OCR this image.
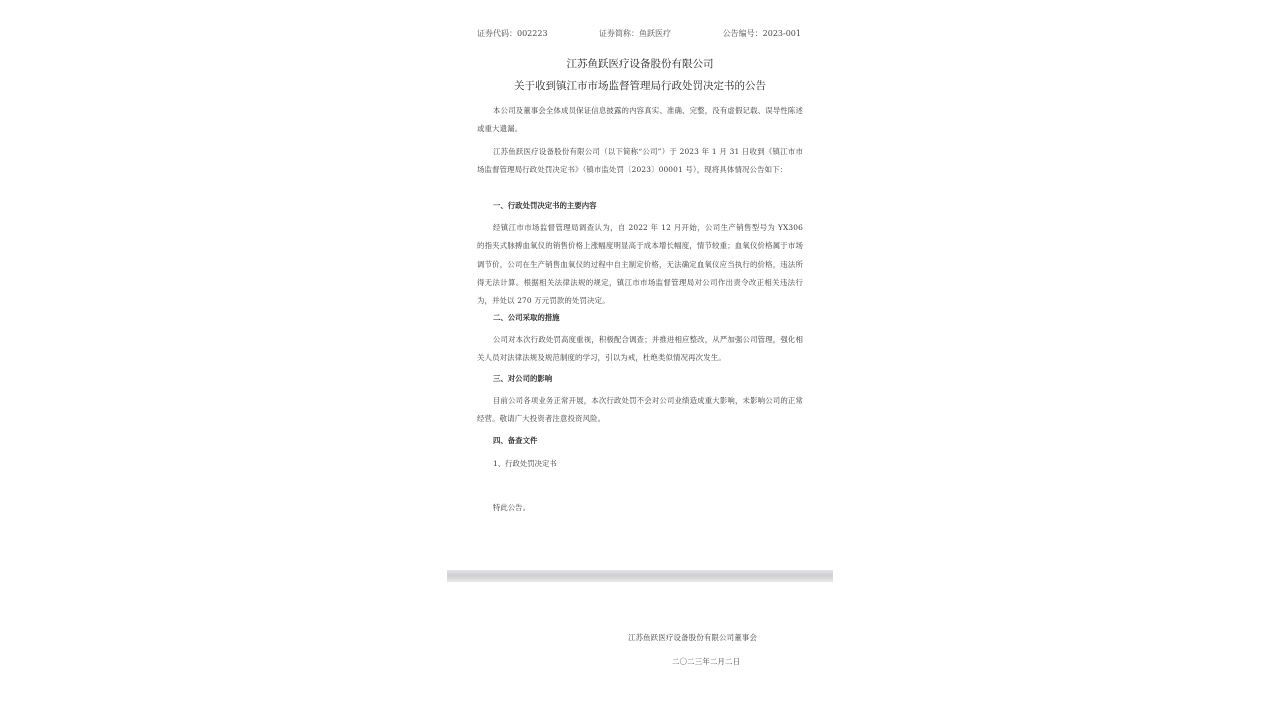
证券代码：002223	证券简称：鱼跃医疗	公告编号：2023-001
江苏鱼跃医疗设备股份有限公司
关于收到镇江市市场监督管理局行政处罚决定书的公告

本公司及董事会全体成员保证信息披露的内容真实、准确、完整，没有虚假记载、误导性陈述或重大遗漏。

江苏鱼跃医疗设备股份有限公司（以下简称“公司”）于 2023 年 1 月 31 日收到《镇江市市场监督管理局行政处罚决定书》（镇市监处罚〔2023〕00001 号），现将具体情况公告如下：

一、行政处罚决定书的主要内容

经镇江市市场监督管理局调查认为，自 2022 年 12 月开始，公司生产销售型号为 YX306 的指夹式脉搏血氧仪的销售价格上涨幅度明显高于成本增长幅度，情节较重；血氧仪价格属于市场调节价，公司在生产销售血氧仪的过程中自主制定价格，无法确定血氧仪应当执行的价格，违法所得无法计算。根据相关法律法规的规定，镇江市市场监督管理局对公司作出责令改正相关违法行为，并处以 270 万元罚款的处罚决定。

二、公司采取的措施

公司对本次行政处罚高度重视，积极配合调查；并推进相应整改，从严加强公司管理，强化相关人员对法律法规及规范制度的学习，引以为戒，杜绝类似情况再次发生。

三、对公司的影响

目前公司各项业务正常开展，本次行政处罚不会对公司业绩造成重大影响，未影响公司的正常经营。敬请广大投资者注意投资风险。

四、备查文件
1、行政处罚决定书
特此公告。
江苏鱼跃医疗设备股份有限公司董事会
二〇二三年二月二日
